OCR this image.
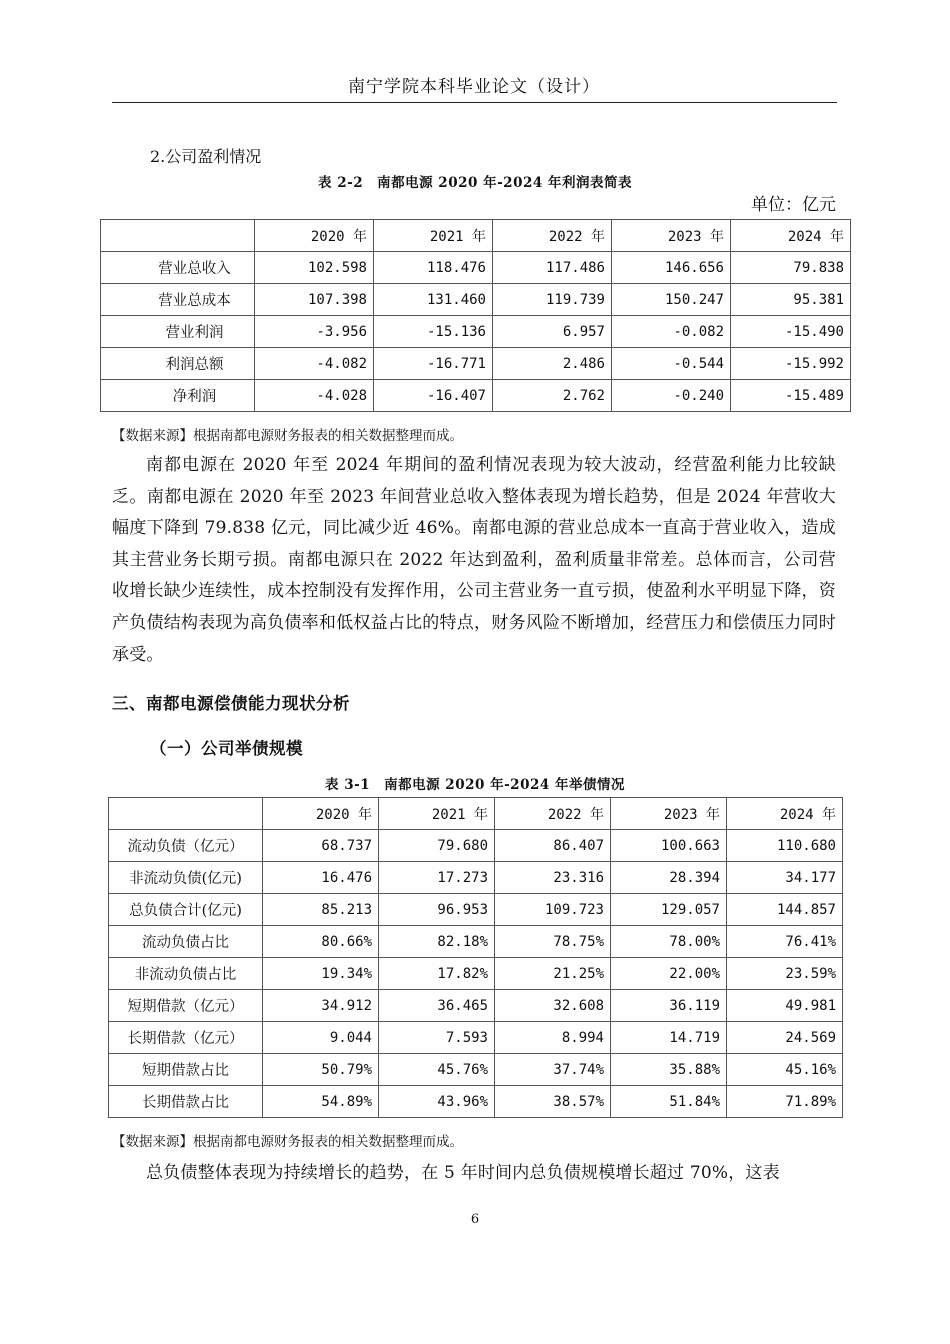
南宁学院本科毕业论文（设计）
2.公司盈利情况
表 2-2　南都电源 2020 年-2024 年利润表简表
单位：亿元
	2020 年	2021 年	2022 年	2023 年	2024 年
营业总收入	102.598	118.476	117.486	146.656	79.838
营业总成本	107.398	131.460	119.739	150.247	95.381
营业利润	-3.956	-15.136	6.957	-0.082	-15.490
利润总额	-4.082	-16.771	2.486	-0.544	-15.992
净利润	-4.028	-16.407	2.762	-0.240	-15.489
【数据来源】根据南都电源财务报表的相关数据整理而成。
南都电源在 2020 年至 2024 年期间的盈利情况表现为较大波动，经营盈利能力比较缺乏。南都电源在 2020 年至 2023 年间营业总收入整体表现为增长趋势，但是 2024 年营收大幅度下降到 79.838 亿元，同比减少近 46%。南都电源的营业总成本一直高于营业收入，造成其主营业务长期亏损。南都电源只在 2022 年达到盈利，盈利质量非常差。总体而言，公司营收增长缺少连续性，成本控制没有发挥作用，公司主营业务一直亏损，使盈利水平明显下降，资产负债结构表现为高负债率和低权益占比的特点，财务风险不断增加，经营压力和偿债压力同时承受。
三、南都电源偿债能力现状分析
（一）公司举债规模
表 3-1　南都电源 2020 年-2024 年举债情况
	2020 年	2021 年	2022 年	2023 年	2024 年
流动负债（亿元）	68.737	79.680	86.407	100.663	110.680
非流动负债(亿元)	16.476	17.273	23.316	28.394	34.177
总负债合计(亿元)	85.213	96.953	109.723	129.057	144.857
流动负债占比	80.66%	82.18%	78.75%	78.00%	76.41%
非流动负债占比	19.34%	17.82%	21.25%	22.00%	23.59%
短期借款（亿元）	34.912	36.465	32.608	36.119	49.981
长期借款（亿元）	9.044	7.593	8.994	14.719	24.569
短期借款占比	50.79%	45.76%	37.74%	35.88%	45.16%
长期借款占比	54.89%	43.96%	38.57%	51.84%	71.89%
【数据来源】根据南都电源财务报表的相关数据整理而成。
总负债整体表现为持续增长的趋势，在 5 年时间内总负债规模增长超过 70%，这表
6
